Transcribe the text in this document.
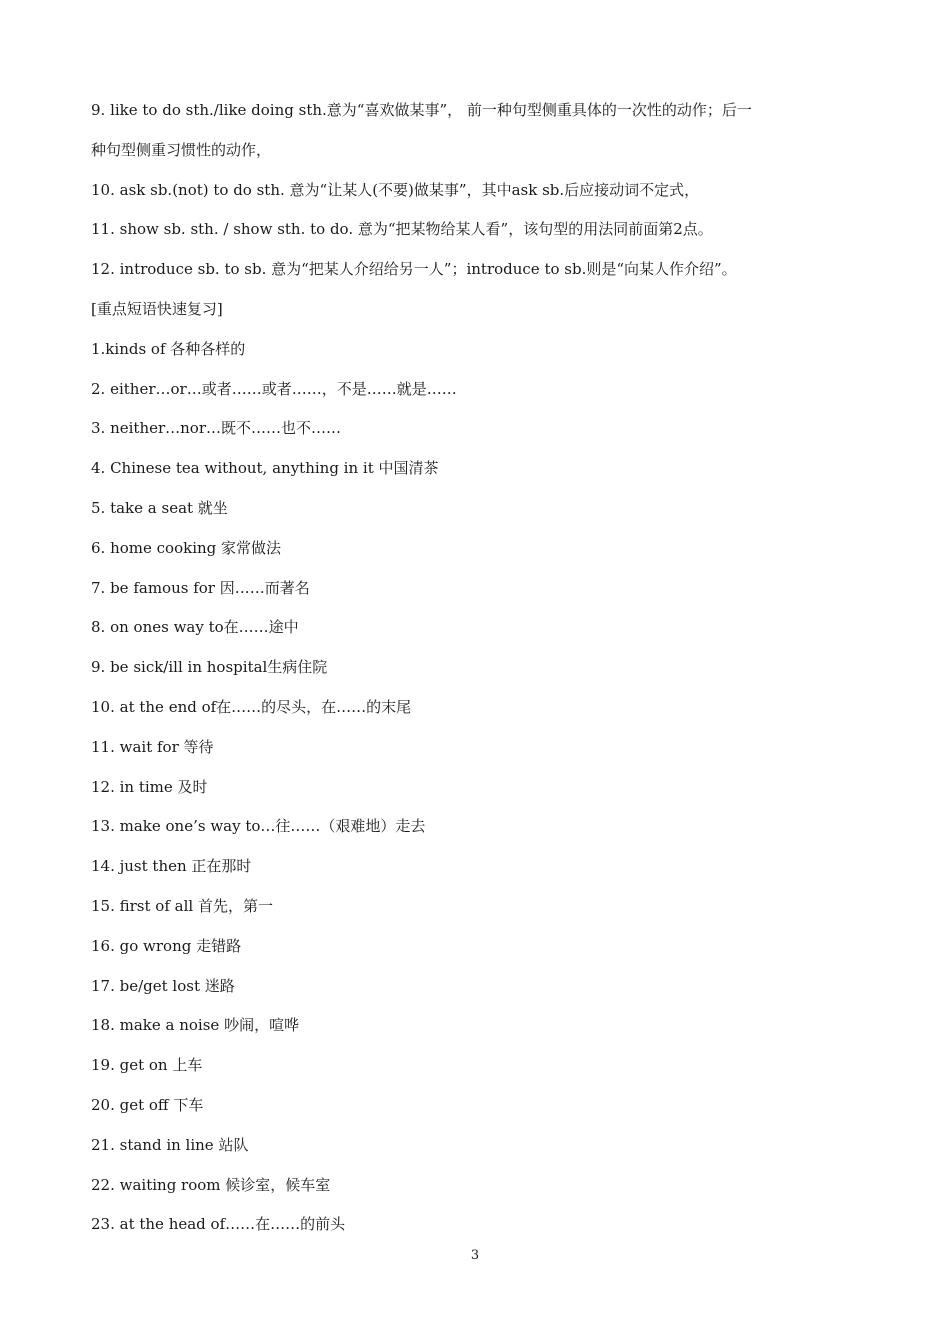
9. like to do sth./like doing sth.意为“喜欢做某事”， 前一种句型侧重具体的一次性的动作；后一
种句型侧重习惯性的动作，
10. ask sb.(not) to do sth. 意为“让某人(不要)做某事”，其中ask sb.后应接动词不定式，
11. show sb. sth. / show sth. to do. 意为“把某物给某人看”，该句型的用法同前面第2点。
12. introduce sb. to sb. 意为“把某人介绍给另一人”；introduce to sb.则是“向某人作介绍”。
[重点短语快速复习]
1.kinds of 各种各样的
2. either…or…或者……或者……，不是……就是……
3. neither…nor…既不……也不……
4. Chinese tea without, anything in it 中国清茶
5. take a seat 就坐
6. home cooking 家常做法
7. be famous for 因……而著名
8. on ones way to在……途中
9. be sick/ill in hospital生病住院
10. at the end of在……的尽头，在……的末尾
11. wait for 等待
12. in time 及时
13. make one’s way to…往……（艰难地）走去
14. just then 正在那时
15. first of all 首先，第一
16. go wrong 走错路
17. be/get lost 迷路
18. make a noise 吵闹，喧哗
19. get on 上车
20. get off 下车
21. stand in line 站队
22. waiting room 候诊室，候车室
23. at the head of……在……的前头
3
